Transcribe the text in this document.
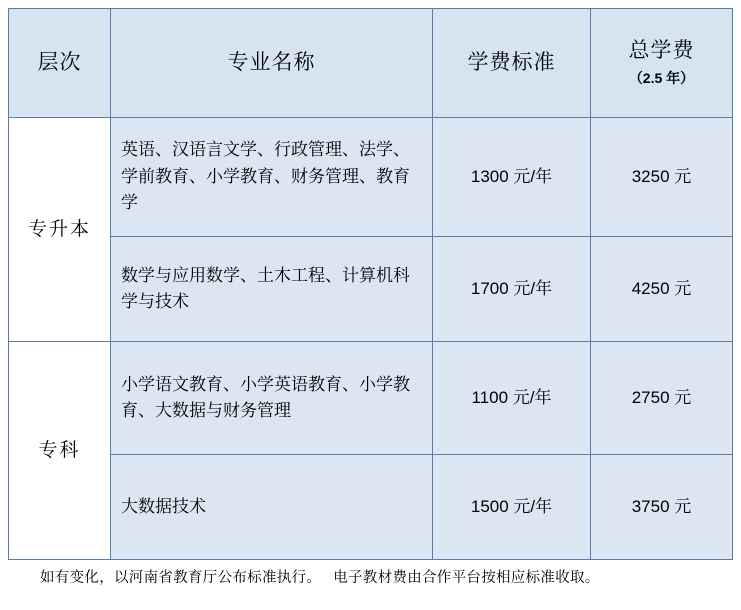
层次	专业名称	学费标准	总学费
（2.5 年）

专升本	英语、汉语言文学、行政管理、法学、学前教育、小学教育、财务管理、教育学	1300 元/年	3250 元
	数学与应用数学、土木工程、计算机科学与技术	1700 元/年	4250 元
专科	小学语文教育、小学英语教育、小学教育、大数据与财务管理	1100 元/年	2750 元
	大数据技术	1500 元/年	3750 元

如有变化，以河南省教育厅公布标准执行。 电子教材费由合作平台按相应标准收取。
